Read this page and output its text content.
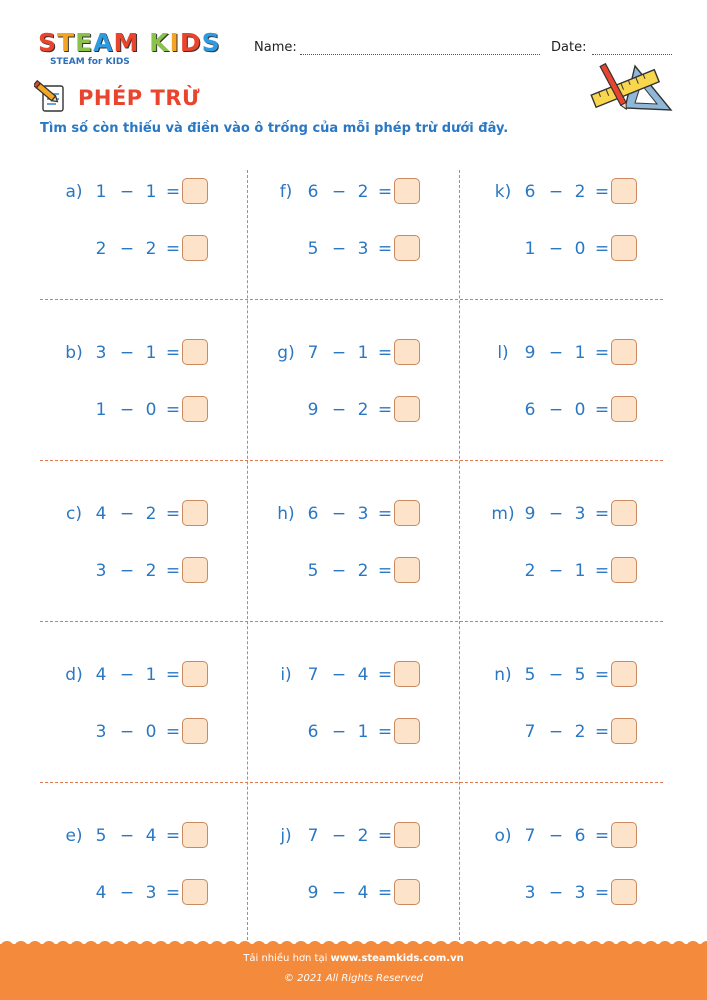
STEAM KIDS
STEAM for KIDS
Name:	Date:
PHÉP TRỪ
Tìm số còn thiếu và điền vào ô trống của mỗi phép trừ dưới đây.
a) 1 − 1 =
2 − 2 =
f) 6 − 2 =
5 − 3 =
k) 6 − 2 =
1 − 0 =
b) 3 − 1 =
1 − 0 =
g) 7 − 1 =
9 − 2 =
l) 9 − 1 =
6 − 0 =
c) 4 − 2 =
3 − 2 =
h) 6 − 3 =
5 − 2 =
m) 9 − 3 =
2 − 1 =
d) 4 − 1 =
3 − 0 =
i) 7 − 4 =
6 − 1 =
n) 5 − 5 =
7 − 2 =
e) 5 − 4 =
4 − 3 =
j) 7 − 2 =
9 − 4 =
o) 7 − 6 =
3 − 3 =
Tải nhiều hơn tại www.steamkids.com.vn
© 2021 All Rights Reserved
